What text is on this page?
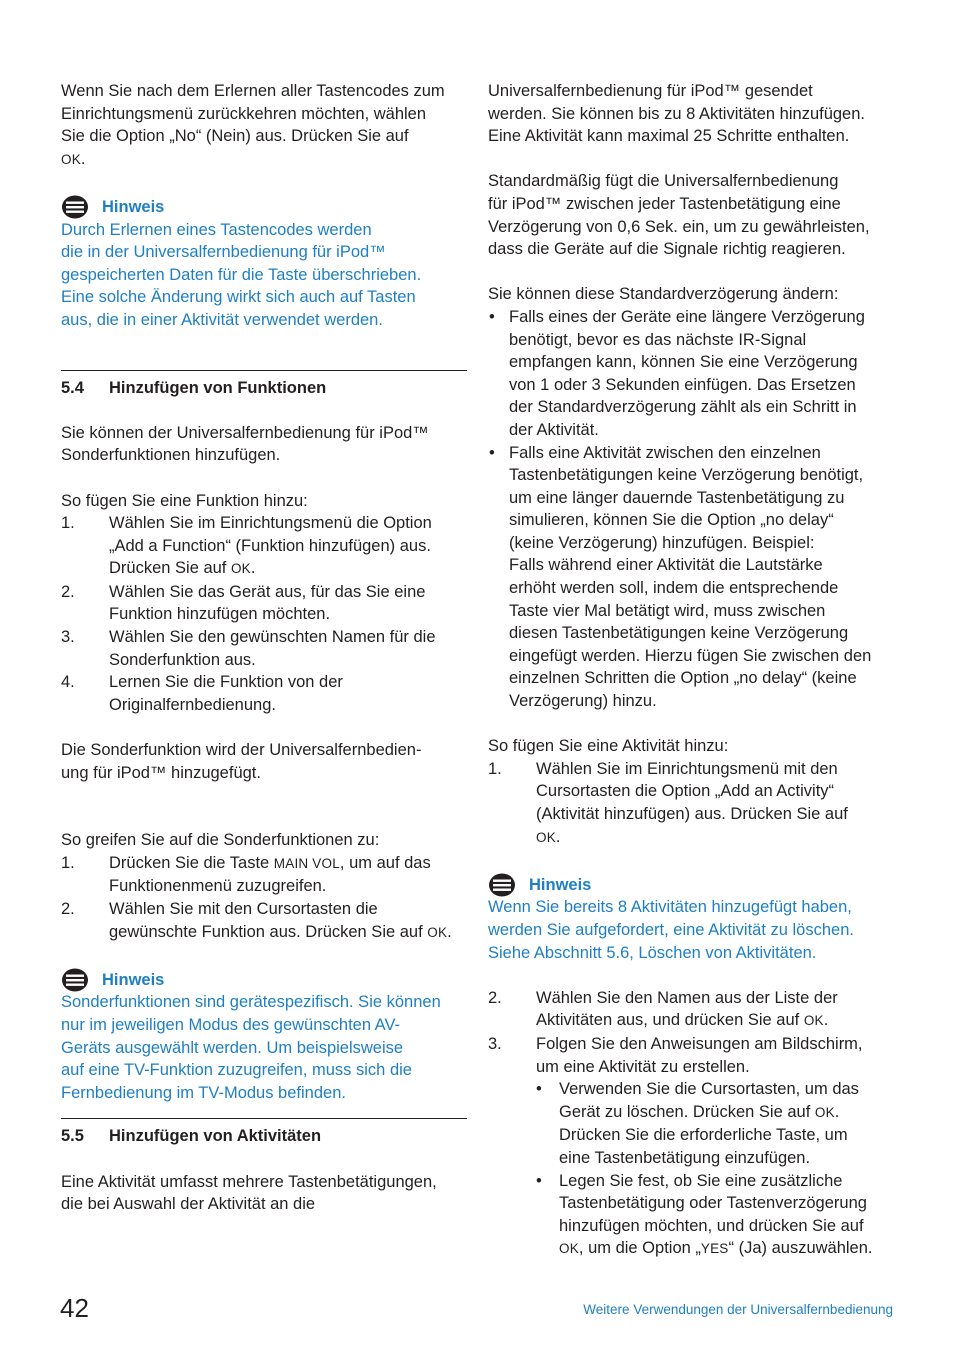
Wenn Sie nach dem Erlernen aller Tastencodes zum

Einrichtungsmenü zurückkehren möchten, wählen

Sie die Option „No“ (Nein) aus. Drücken Sie auf

OK.

Hinweis

Durch Erlernen eines Tastencodes werden

die in der Universalfernbedienung für iPod™

gespeicherten Daten für die Taste überschrieben.

Eine solche Änderung wirkt sich auch auf Tasten

aus, die in einer Aktivität verwendet werden.

5.4	Hinzufügen von Funktionen

Sie können der Universalfernbedienung für iPod™

Sonderfunktionen hinzufügen.

So fügen Sie eine Funktion hinzu:

1.	Wählen Sie im Einrichtungsmenü die Option

„Add a Function“ (Funktion hinzufügen) aus.

Drücken Sie auf OK.

2.	Wählen Sie das Gerät aus, für das Sie eine

Funktion hinzufügen möchten.

3.	Wählen Sie den gewünschten Namen für die

Sonderfunktion aus.

4.	Lernen Sie die Funktion von der

Originalfernbedienung.

Die Sonderfunktion wird der Universalfernbedien-

ung für iPod™ hinzugefügt.

So greifen Sie auf die Sonderfunktionen zu:

1.	Drücken Sie die Taste MAIN VOL, um auf das

Funktionenmenü zuzugreifen.

2.	Wählen Sie mit den Cursortasten die

gewünschte Funktion aus. Drücken Sie auf OK.

Hinweis

Sonderfunktionen sind gerätespezifisch. Sie können

nur im jeweiligen Modus des gewünschten AV-

Geräts ausgewählt werden. Um beispielsweise

auf eine TV-Funktion zuzugreifen, muss sich die

Fernbedienung im TV-Modus befinden.

5.5	Hinzufügen von Aktivitäten

Eine Aktivität umfasst mehrere Tastenbetätigungen,

die bei Auswahl der Aktivität an die

Universalfernbedienung für iPod™ gesendet

werden. Sie können bis zu 8 Aktivitäten hinzufügen.

Eine Aktivität kann maximal 25 Schritte enthalten.

Standardmäßig fügt die Universalfernbedienung

für iPod™ zwischen jeder Tastenbetätigung eine

Verzögerung von 0,6 Sek. ein, um zu gewährleisten,

dass die Geräte auf die Signale richtig reagieren.

Sie können diese Standardverzögerung ändern:

• Falls eines der Geräte eine längere Verzögerung

benötigt, bevor es das nächste IR-Signal

empfangen kann, können Sie eine Verzögerung

von 1 oder 3 Sekunden einfügen. Das Ersetzen

der Standardverzögerung zählt als ein Schritt in

der Aktivität.

• Falls eine Aktivität zwischen den einzelnen

Tastenbetätigungen keine Verzögerung benötigt,

um eine länger dauernde Tastenbetätigung zu

simulieren, können Sie die Option „no delay“

(keine Verzögerung) hinzufügen. Beispiel:

Falls während einer Aktivität die Lautstärke

erhöht werden soll, indem die entsprechende

Taste vier Mal betätigt wird, muss zwischen

diesen Tastenbetätigungen keine Verzögerung

eingefügt werden. Hierzu fügen Sie zwischen den

einzelnen Schritten die Option „no delay“ (keine

Verzögerung) hinzu.

So fügen Sie eine Aktivität hinzu:

1.	Wählen Sie im Einrichtungsmenü mit den

Cursortasten die Option „Add an Activity“

(Aktivität hinzufügen) aus. Drücken Sie auf

OK.

Hinweis

Wenn Sie bereits 8 Aktivitäten hinzugefügt haben,

werden Sie aufgefordert, eine Aktivität zu löschen.

Siehe Abschnitt 5.6, Löschen von Aktivitäten.

2.	Wählen Sie den Namen aus der Liste der

Aktivitäten aus, und drücken Sie auf OK.

3.	Folgen Sie den Anweisungen am Bildschirm,

um eine Aktivität zu erstellen.

•	Verwenden Sie die Cursortasten, um das

Gerät zu löschen. Drücken Sie auf OK.

Drücken Sie die erforderliche Taste, um

eine Tastenbetätigung einzufügen.

•	Legen Sie fest, ob Sie eine zusätzliche

Tastenbetätigung oder Tastenverzögerung

hinzufügen möchten, und drücken Sie auf

OK, um die Option „YES“ (Ja) auszuwählen.

42	Weitere Verwendungen der Universalfernbedienung
